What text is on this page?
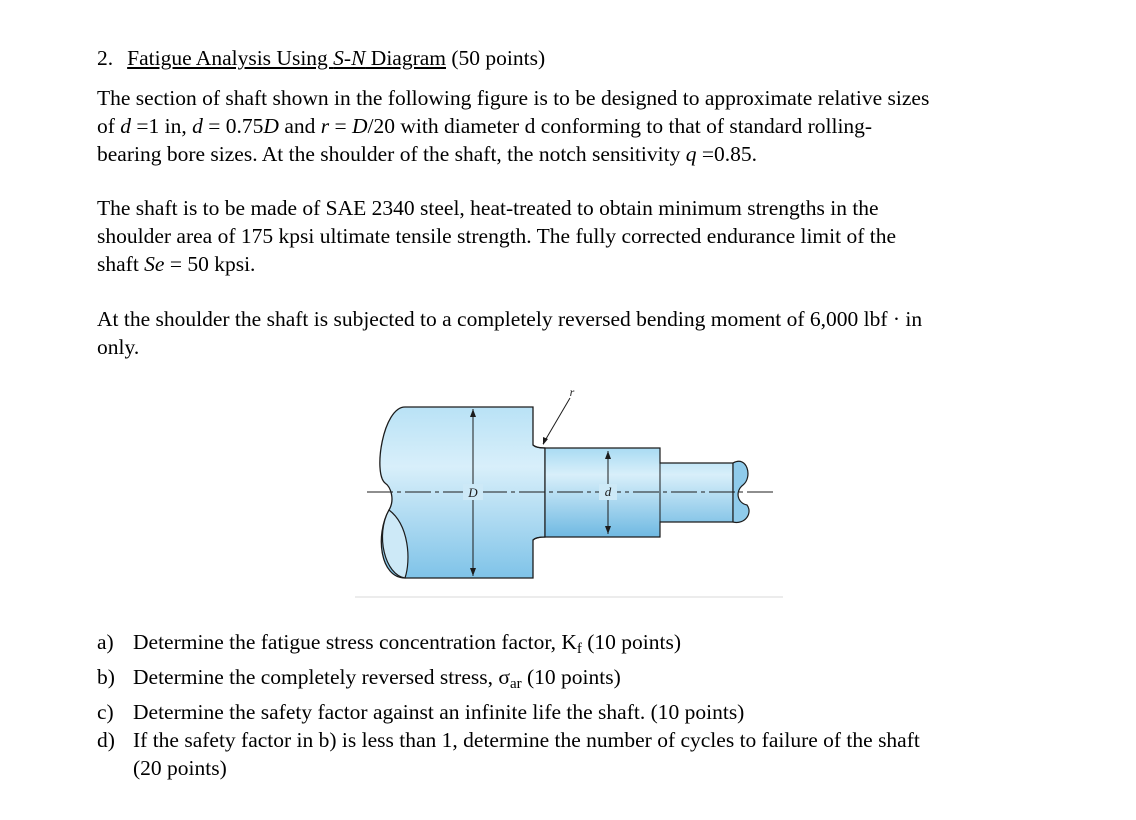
2. Fatigue Analysis Using S-N Diagram (50 points)
The section of shaft shown in the following figure is to be designed to approximate relative sizes
of d =1 in, d = 0.75D and r = D/20 with diameter d conforming to that of standard rolling-
bearing bore sizes. At the shoulder of the shaft, the notch sensitivity q =0.85.
The shaft is to be made of SAE 2340 steel, heat-treated to obtain minimum strengths in the
shoulder area of 175 kpsi ultimate tensile strength. The fully corrected endurance limit of the
shaft Se = 50 kpsi.
At the shoulder the shaft is subjected to a completely reversed bending moment of 6,000 lbf · in
only.
D	d
r
a) Determine the fatigue stress concentration factor, $K_f$ (10 points)
b) Determine the completely reversed stress, $\sigma_{ar}$ (10 points)
c) Determine the safety factor against an infinite life the shaft. (10 points)
d) If the safety factor in b) is less than 1, determine the number of cycles to failure of the shaft
(20 points)
